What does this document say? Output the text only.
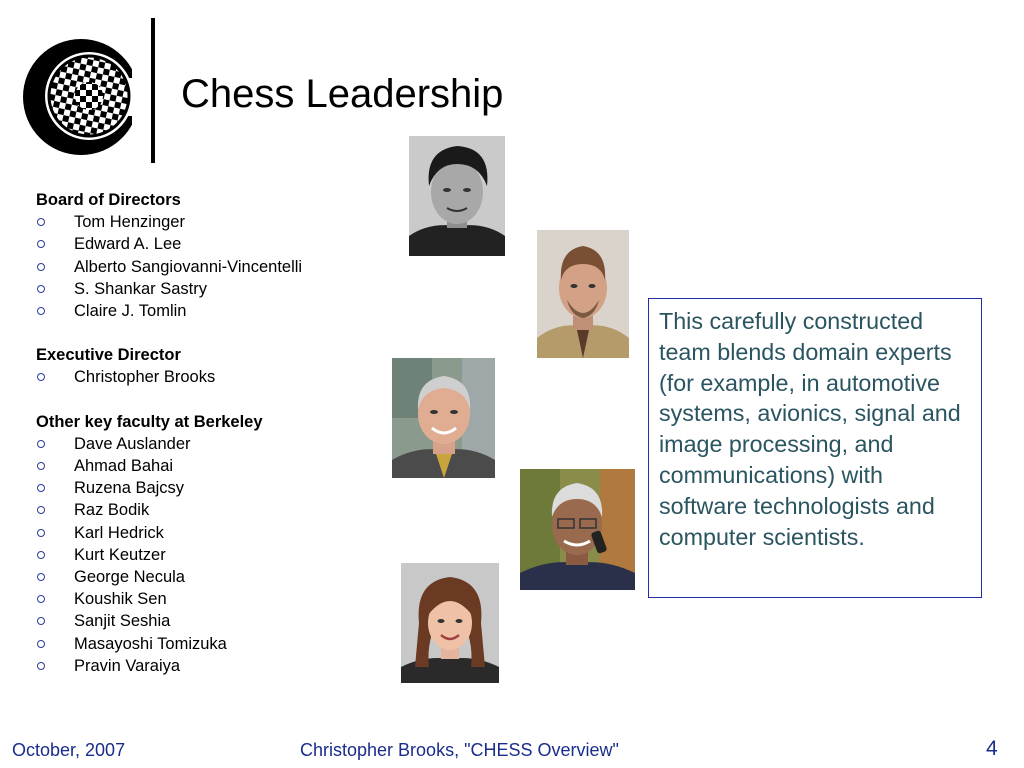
Chess Leadership
Board of Directors
Tom Henzinger
Edward A. Lee
Alberto Sangiovanni-Vincentelli
S. Shankar Sastry
Claire J. Tomlin
Executive Director
Christopher Brooks
Other key faculty at Berkeley
Dave Auslander
Ahmad Bahai
Ruzena Bajcsy
Raz Bodik
Karl Hedrick
Kurt Keutzer
George Necula
Koushik Sen
Sanjit Seshia
Masayoshi Tomizuka
Pravin Varaiya
This carefully constructed team blends domain experts (for example, in automotive systems, avionics, signal and image processing, and communications) with software technologists and computer scientists.
October, 2007	Christopher Brooks, "CHESS Overview"	4
